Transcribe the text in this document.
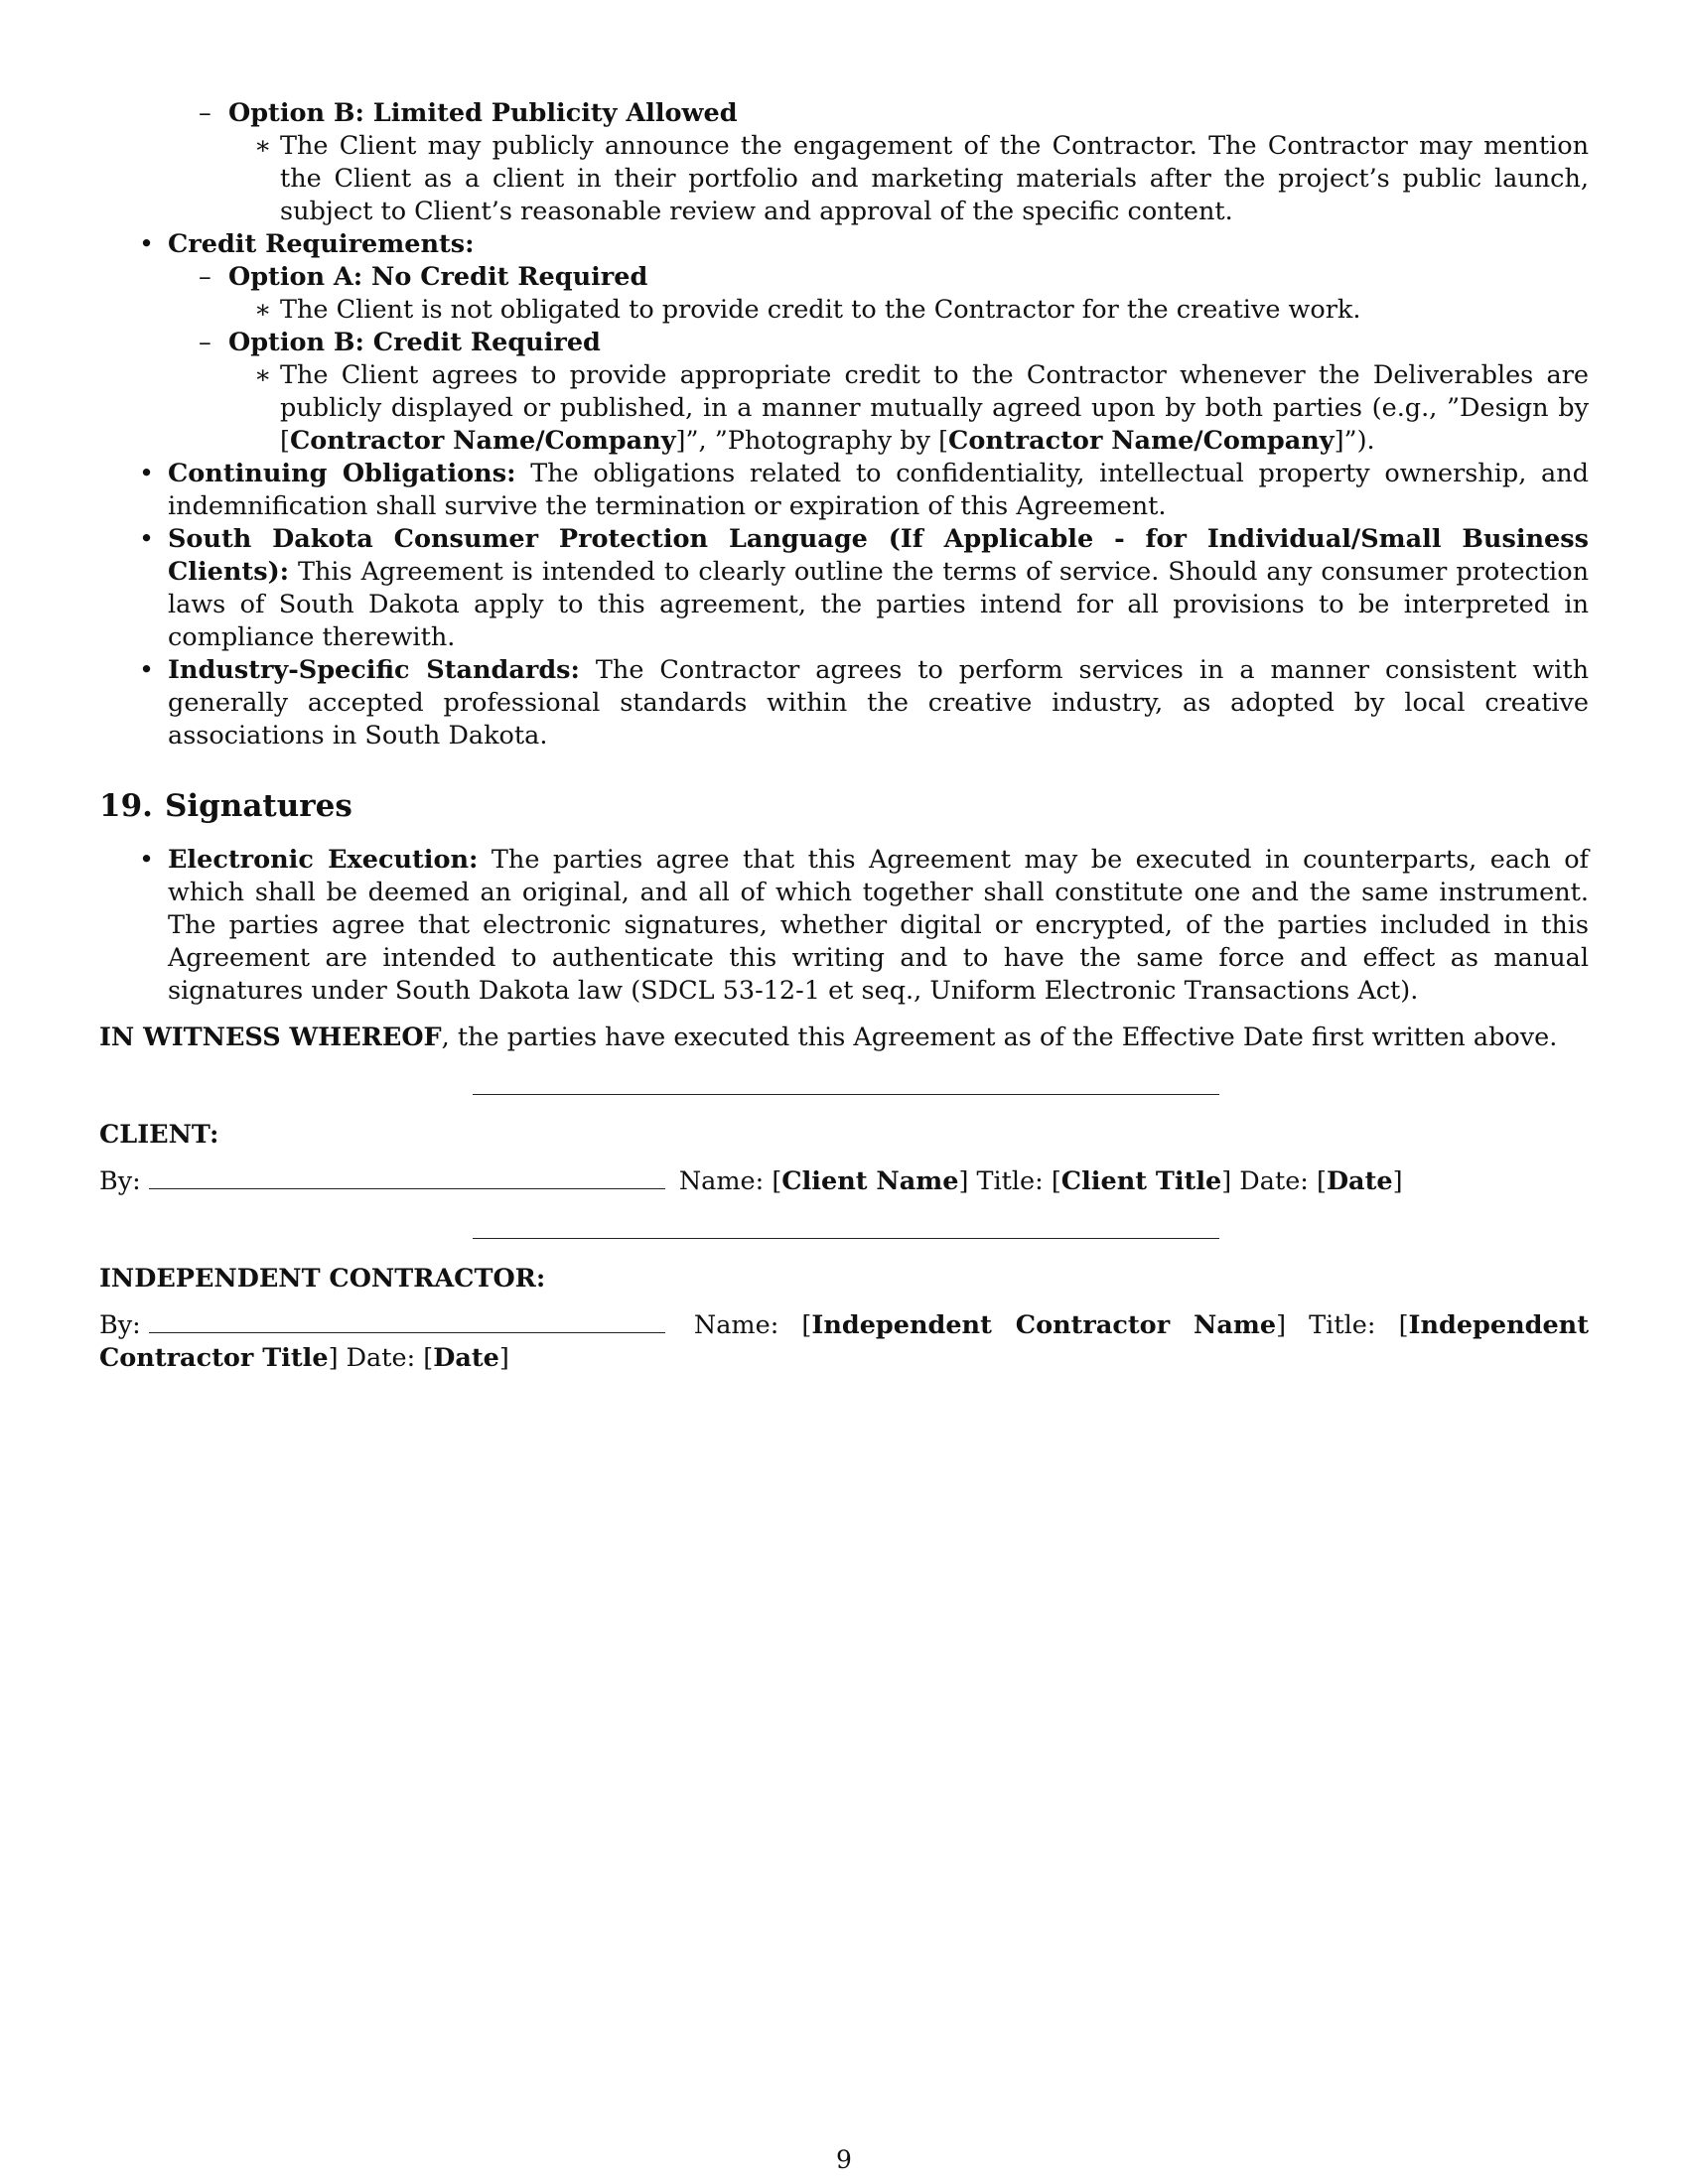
– Option B: Limited Publicity Allowed
∗ The Client may publicly announce the engagement of the Contractor. The Contractor may mention the Client as a client in their portfolio and marketing materials after the project’s public launch, subject to Client’s reasonable review and approval of the specific content.
• Credit Requirements:
– Option A: No Credit Required
∗ The Client is not obligated to provide credit to the Contractor for the creative work.
– Option B: Credit Required
∗ The Client agrees to provide appropriate credit to the Contractor whenever the Deliverables are publicly displayed or published, in a manner mutually agreed upon by both parties (e.g., ”Design by [Contractor Name/Company]”, ”Photography by [Contractor Name/Company]”).
• Continuing Obligations: The obligations related to confidentiality, intellectual property ownership, and indemnification shall survive the termination or expiration of this Agreement.
• South Dakota Consumer Protection Language (If Applicable - for Individual/Small Business Clients): This Agreement is intended to clearly outline the terms of service. Should any consumer protection laws of South Dakota apply to this agreement, the parties intend for all provisions to be interpreted in compliance therewith.
• Industry-Specific Standards: The Contractor agrees to perform services in a manner consistent with generally accepted professional standards within the creative industry, as adopted by local creative associations in South Dakota.
19. Signatures
• Electronic Execution: The parties agree that this Agreement may be executed in counterparts, each of which shall be deemed an original, and all of which together shall constitute one and the same instrument. The parties agree that electronic signatures, whether digital or encrypted, of the parties included in this Agreement are intended to authenticate this writing and to have the same force and effect as manual signatures under South Dakota law (SDCL 53-12-1 et seq., Uniform Electronic Transactions Act).
IN WITNESS WHEREOF, the parties have executed this Agreement as of the Effective Date first written above.
CLIENT:
By:	Name: [Client Name] Title: [Client Title] Date: [Date]
INDEPENDENT CONTRACTOR:
By:	Name: [Independent Contractor Name] Title: [Independent Contractor Title] Date: [Date]
9
